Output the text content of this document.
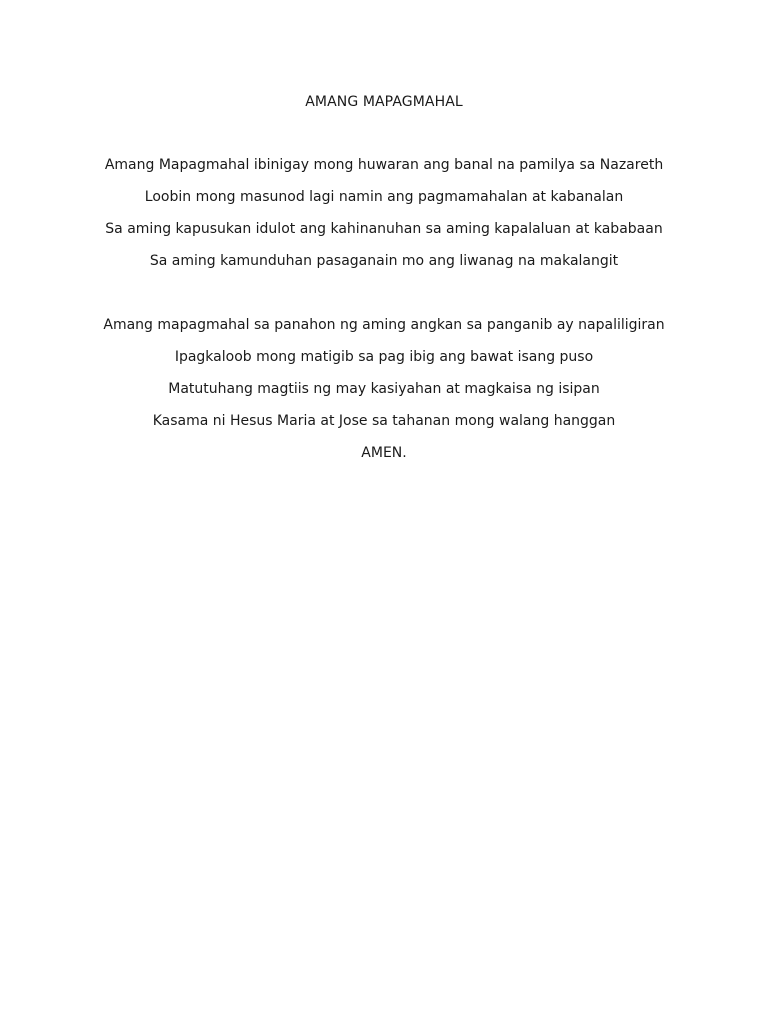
AMANG MAPAGMAHAL
Amang Mapagmahal ibinigay mong huwaran ang banal na pamilya sa Nazareth
Loobin mong masunod lagi namin ang pagmamahalan at kabanalan
Sa aming kapusukan idulot ang kahinanuhan sa aming kapalaluan at kababaan
Sa aming kamunduhan pasaganain mo ang liwanag na makalangit
Amang mapagmahal sa panahon ng aming angkan sa panganib ay napaliligiran
Ipagkaloob mong matigib sa pag ibig ang bawat isang puso
Matutuhang magtiis ng may kasiyahan at magkaisa ng isipan
Kasama ni Hesus Maria at Jose sa tahanan mong walang hanggan
AMEN.
